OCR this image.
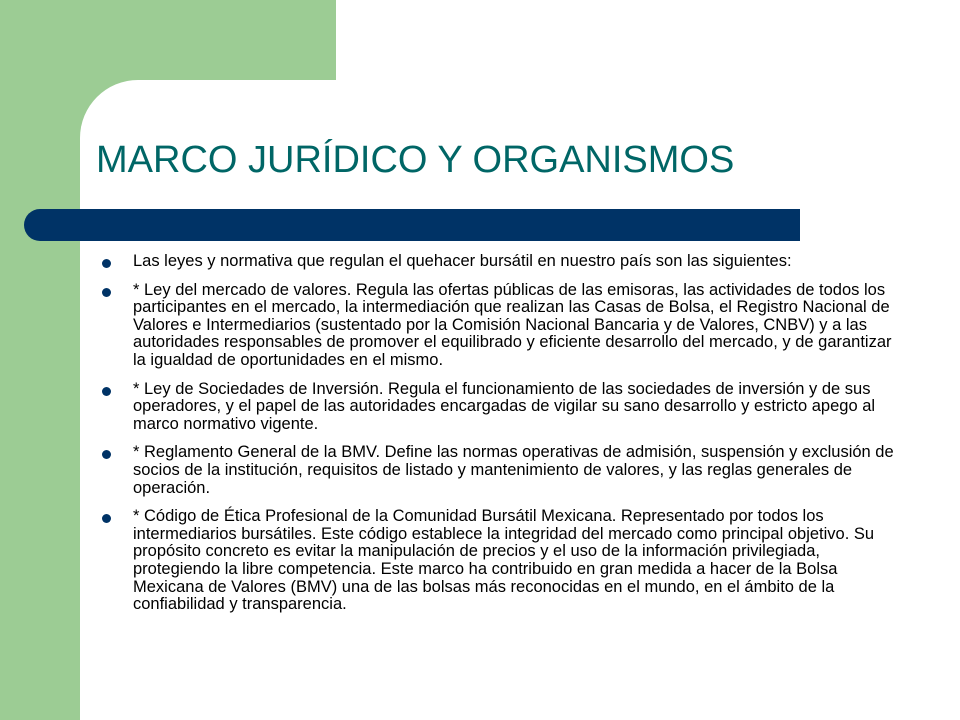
MARCO JURÍDICO Y ORGANISMOS
Las leyes y normativa que regulan el quehacer bursátil en nuestro país son las siguientes:
* Ley del mercado de valores. Regula las ofertas públicas de las emisoras, las actividades de todos los participantes en el mercado, la intermediación que realizan las Casas de Bolsa, el Registro Nacional de Valores e Intermediarios (sustentado por la Comisión Nacional Bancaria y de Valores, CNBV) y a las autoridades responsables de promover el equilibrado y eficiente desarrollo del mercado, y de garantizar la igualdad de oportunidades en el mismo.
* Ley de Sociedades de Inversión. Regula el funcionamiento de las sociedades de inversión y de sus operadores, y el papel de las autoridades encargadas de vigilar su sano desarrollo y estricto apego al marco normativo vigente.
* Reglamento General de la BMV. Define las normas operativas de admisión, suspensión y exclusión de socios de la institución, requisitos de listado y mantenimiento de valores, y las reglas generales de operación.
* Código de Ética Profesional de la Comunidad Bursátil Mexicana. Representado por todos los intermediarios bursátiles. Este código establece la integridad del mercado como principal objetivo. Su propósito concreto es evitar la manipulación de precios y el uso de la información privilegiada, protegiendo la libre competencia. Este marco ha contribuido en gran medida a hacer de la Bolsa Mexicana de Valores (BMV) una de las bolsas más reconocidas en el mundo, en el ámbito de la confiabilidad y transparencia.
